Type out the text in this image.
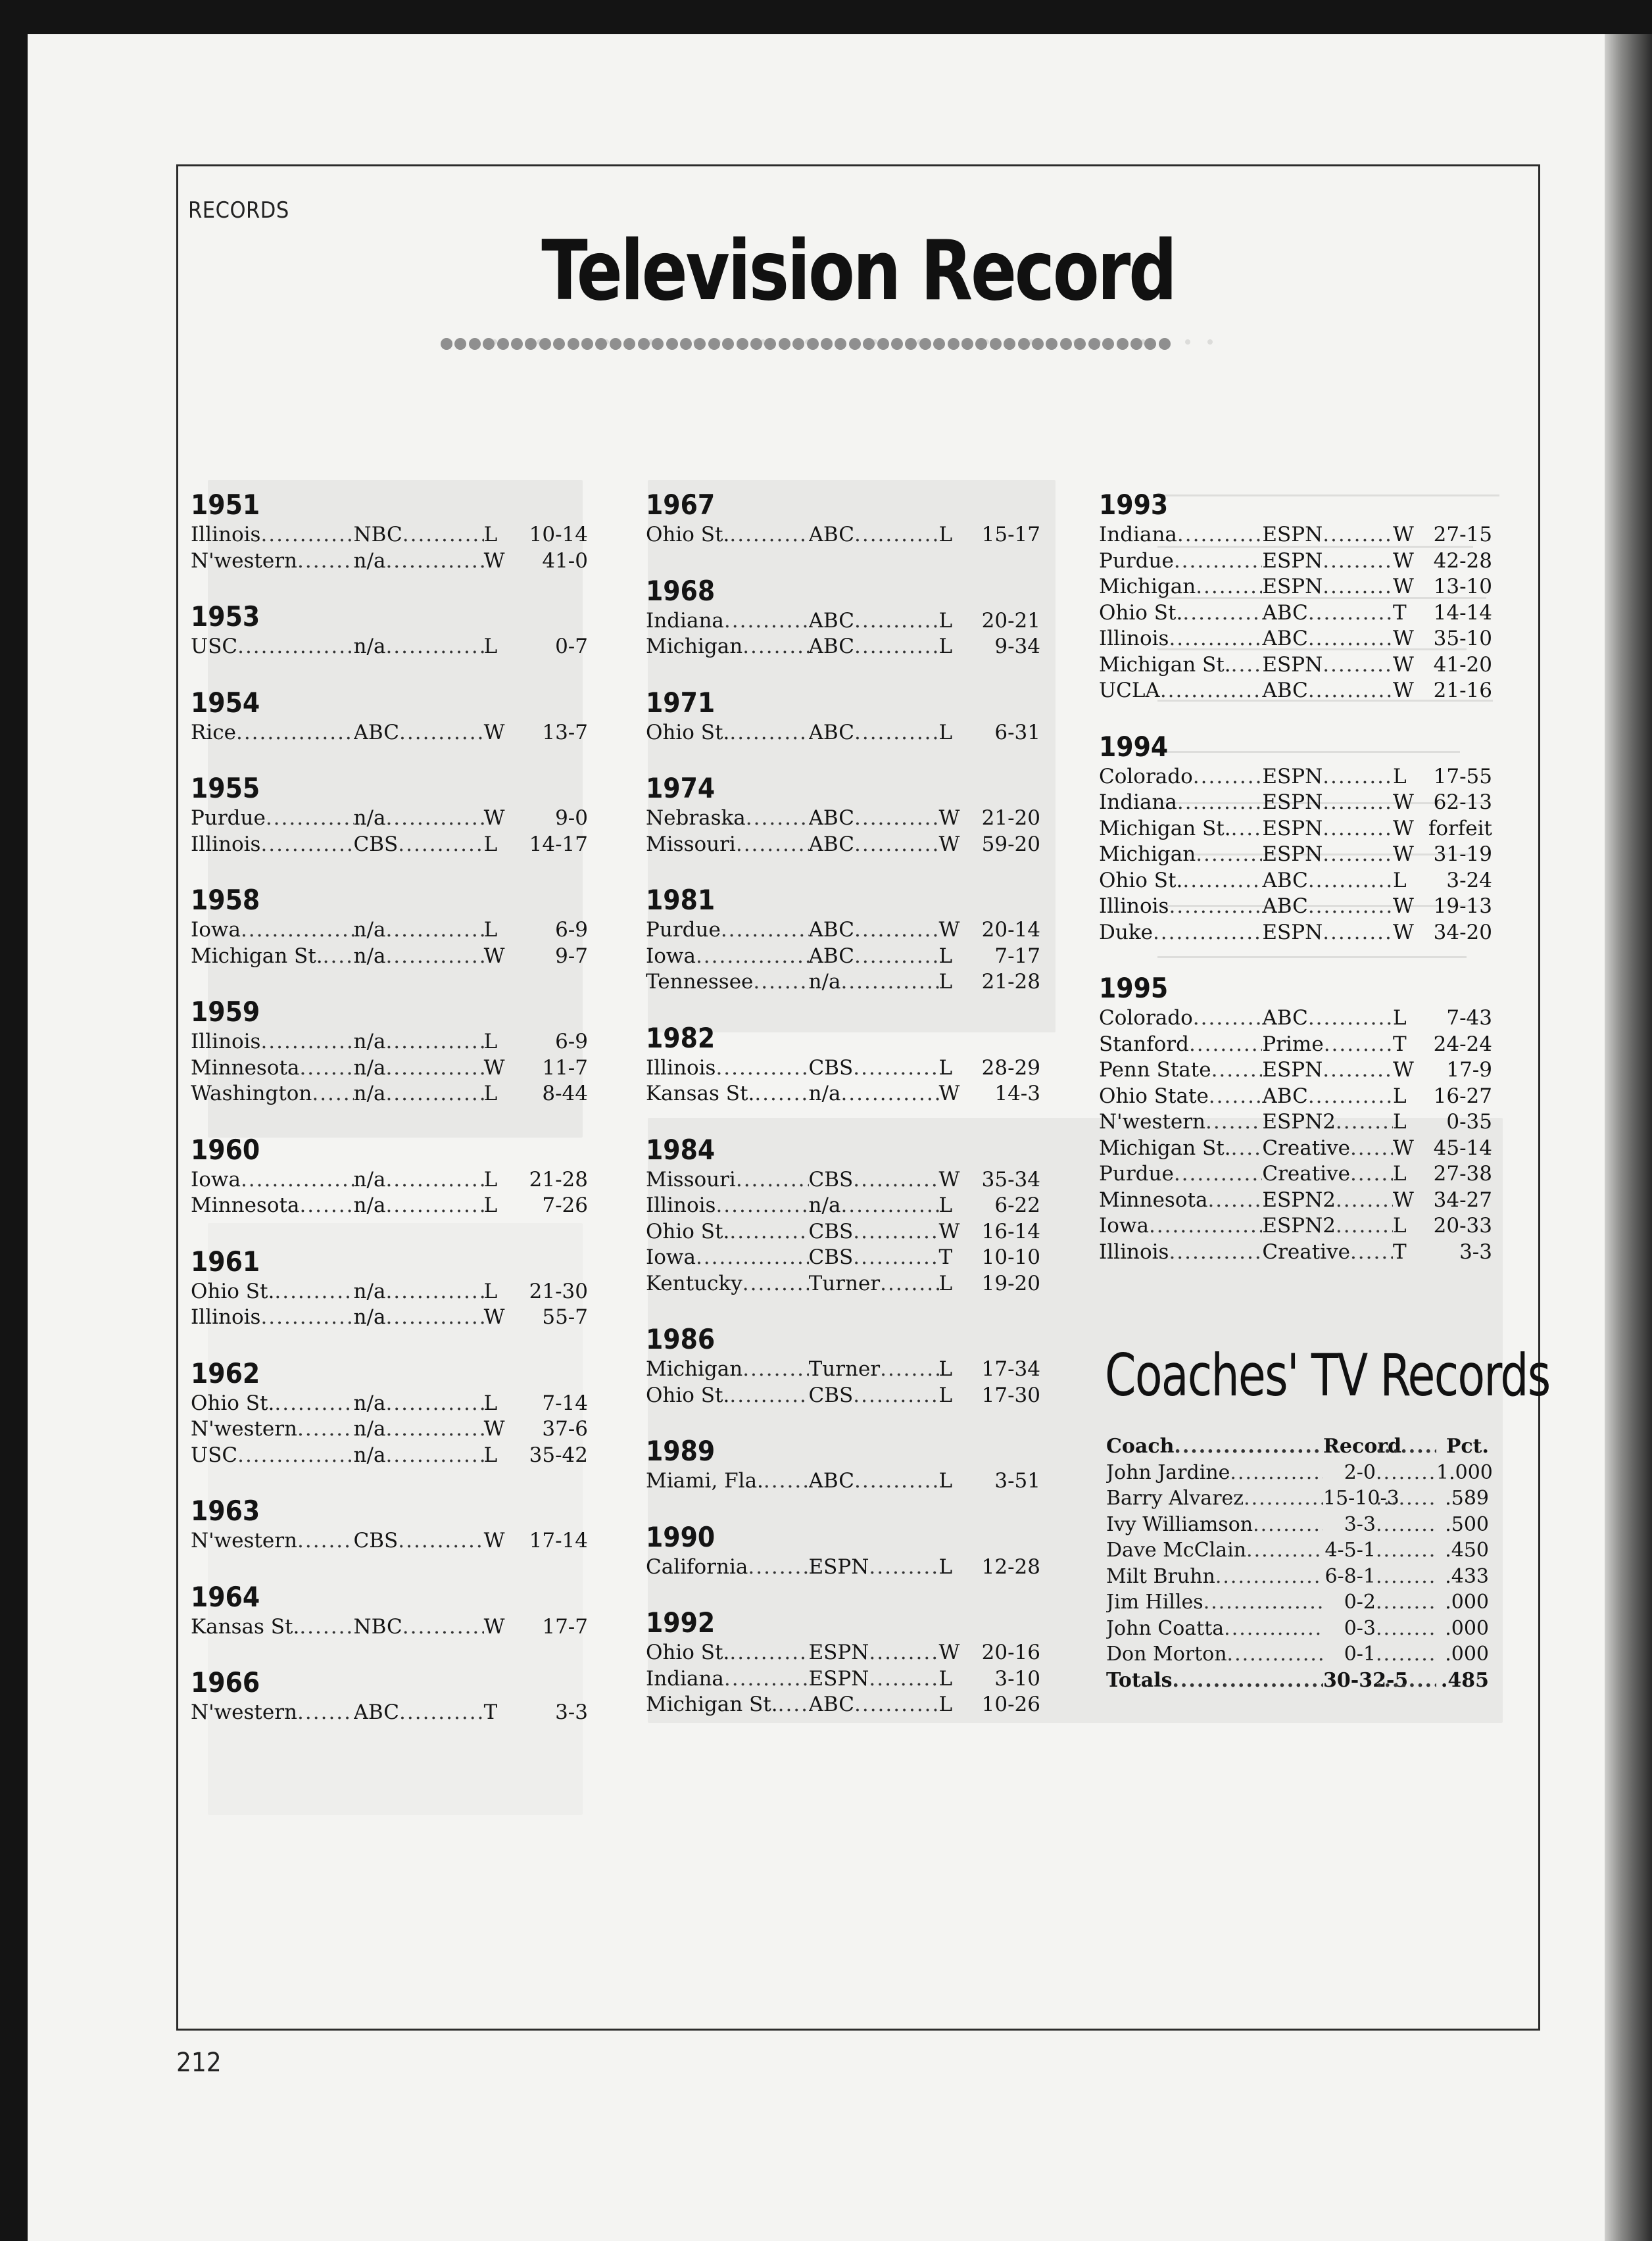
RECORDS
Television Record
1951
Illinois .....	NBC .....	L	10-14
N'western .....	n/a .....	W	41-0
1953
USC .....	n/a .....	L	0-7
1954
Rice .....	ABC .....	W	13-7
1955
Purdue .....	n/a .....	W	9-0
Illinois .....	CBS .....	L	14-17
1958
Iowa .....	n/a .....	L	6-9
Michigan St. ..... n/a .....	W	9-7
1959
Illinois .....	n/a .....	L	6-9
Minnesota .....	n/a .....	W	11-7
Washington ..... n/a .....	L	8-44
1960
Iowa .....	n/a .....	L	21-28
Minnesota .....	n/a .....	L	7-26
1961
Ohio St. .....	n/a .....	L	21-30
Illinois .....	n/a .....	W	55-7
1962
Ohio St. .....	n/a .....	L	7-14
N'western .....	n/a .....	W	37-6
USC .....	n/a .....	L	35-42
1963
N'western .....	CBS .....	W	17-14
1964
Kansas St. .....	NBC .....	W	17-7
1966
N'western .....	ABC .....	T	3-3
1967
Ohio St. .....	ABC .....	L	15-17
1968
Indiana .....	ABC .....	L	20-21
Michigan .....	ABC .....	L	9-34
1971
Ohio St. .....	ABC .....	L	6-31
1974
Nebraska .....	ABC .....	W	21-20
Missouri .....	ABC .....	W	59-20
1981
Purdue .....	ABC .....	W	20-14
Iowa .....	ABC .....	L	7-17
Tennessee .....	n/a .....	L	21-28
1982
Illinois .....	CBS .....	L	28-29
Kansas St. .....	n/a .....	W	14-3
1984
Missouri .....	CBS .....	W	35-34
Illinois .....	n/a .....	L	6-22
Ohio St. .....	CBS .....	W	16-14
Iowa .....	CBS .....	T	10-10
Kentucky .....	Turner .....	L	19-20
1986
Michigan .....	Turner .....	L	17-34
Ohio St. .....	CBS .....	L	17-30
1989
Miami, Fla. ..... ABC .....	L	3-51
1990
California .....	ESPN .....	L	12-28
1992
Ohio St. .....	ESPN .....	W	20-16
Indiana .....	ESPN .....	L	3-10
Michigan St. ..... ABC .....	L	10-26
1993
Indiana .....	ESPN .....	W 27-15
Purdue .....	ESPN .....	W 42-28
Michigan .....	ESPN .....	W 13-10
Ohio St. .....	ABC .....	T	14-14
Illinois .....	ABC .....	W 35-10
Michigan St. ..... ESPN .....	W 41-20
UCLA .....	ABC .....	W 21-16
1994
Colorado .....	ESPN .....	L	17-55
Indiana .....	ESPN .....	W 62-13
Michigan St. ..... ESPN .....	W forfeit
Michigan .....	ESPN .....	W 31-19
Ohio St. .....	ABC .....	L	3-24
Illinois .....	ABC .....	W 19-13
Duke .....	ESPN .....	W 34-20
1995
Colorado .....	ABC .....	L	7-43
Stanford .....	Prime .....	T	24-24
Penn State .....	ESPN .....	W	17-9
Ohio State .....	ABC .....	L	16-27
N'western .....	ESPN2 .....	L	0-35
Michigan St. ..... Creative ..... W 45-14
Purdue .....	Creative ..... L	27-38
Minnesota .....	ESPN2 .....	W 34-27
Iowa .....	ESPN2 .....	L	20-33
Illinois .....	Creative ..... T	3-3
Coaches' TV Records
Coach .....	Record .....	Pct.
John Jardine .....	2-0 .....	1.000
Barry Alvarez .....	15-10-3 .....	.589
Ivy Williamson .....	3-3 .....	.500
Dave McClain .....	4-5-1 .....	.450
Milt Bruhn .....	6-8-1 .....	.433
Jim Hilles .....	0-2 .....	.000
John Coatta .....	0-3 .....	.000
Don Morton .....	0-1 .....	.000
Totals .....	30-32-5 ..... .485
212
